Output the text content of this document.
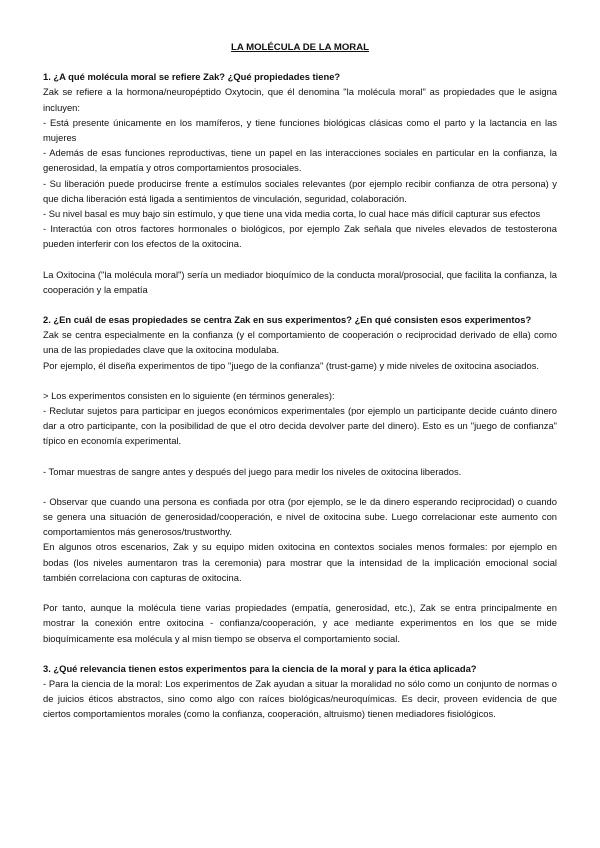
LA MOLÉCULA DE LA MORAL
1. ¿A qué molécula moral se refiere Zak? ¿Qué propiedades tiene?

Zak se refiere a la hormona/neuropéptido Oxytocin, que él denomina "la molécula moral" as propiedades que le asigna incluyen:

- Está presente únicamente en los mamíferos, y tiene funciones biológicas clásicas como el parto y la lactancia en las mujeres

- Además de esas funciones reproductivas, tiene un papel en las interacciones sociales en particular en la confianza, la generosidad, la empatía y otros comportamientos prosociales.

- Su liberación puede producirse frente a estímulos sociales relevantes (por ejemplo recibir confianza de otra persona) y que dicha liberación está ligada a sentimientos de vinculación, seguridad, colaboración.

- Su nivel basal es muy bajo sin estímulo, y que tiene una vida media corta, lo cual hace más difícil capturar sus efectos

- Interactúa con otros factores hormonales o biológicos, por ejemplo Zak señala que niveles elevados de testosterona pueden interferir con los efectos de la oxitocina.

La Oxitocina ("la molécula moral") sería un mediador bioquímico de la conducta moral/prosocial, que facilita la confianza, la cooperación y la empatía

2. ¿En cuál de esas propiedades se centra Zak en sus experimentos? ¿En qué consisten esos experimentos?

Zak se centra especialmente en la confianza (y el comportamiento de cooperación o reciprocidad derivado de ella) como una de las propiedades clave que la oxitocina modulaba.

Por ejemplo, él diseña experimentos de tipo "juego de la confianza" (trust-game) y mide niveles de oxitocina asociados.

> Los experimentos consisten en lo siguiente (en términos generales):

- Reclutar sujetos para participar en juegos económicos experimentales (por ejemplo un participante decide cuánto dinero dar a otro participante, con la posibilidad de que el otro decida devolver parte del dinero). Esto es un "juego de confianza" típico en economía experimental.

- Tomar muestras de sangre antes y después del juego para medir los niveles de oxitocina liberados.

- Observar que cuando una persona es confiada por otra (por ejemplo, se le da dinero esperando reciprocidad) o cuando se genera una situación de generosidad/cooperación, e nivel de oxitocina sube. Luego correlacionar este aumento con comportamientos más generosos/trustworthy.

En algunos otros escenarios, Zak y su equipo miden oxitocina en contextos sociales menos formales: por ejemplo en bodas (los niveles aumentaron tras la ceremonia) para mostrar que la intensidad de la implicación emocional social también correlaciona con capturas de oxitocina.

Por tanto, aunque la molécula tiene varias propiedades (empatía, generosidad, etc.), Zak se entra principalmente en mostrar la conexión entre oxitocina - confianza/cooperación, y ace mediante experimentos en los que se mide bioquímicamente esa molécula y al misn tiempo se observa el comportamiento social.

3. ¿Qué relevancia tienen estos experimentos para la ciencia de la moral y para la ética aplicada?

- Para la ciencia de la moral: Los experimentos de Zak ayudan a situar la moralidad no sólo como un conjunto de normas o de juicios éticos abstractos, sino como algo con raíces biológicas/neuroquímicas. Es decir, proveen evidencia de que ciertos comportamientos morales (como la confianza, cooperación, altruismo) tienen mediadores fisiológicos.
